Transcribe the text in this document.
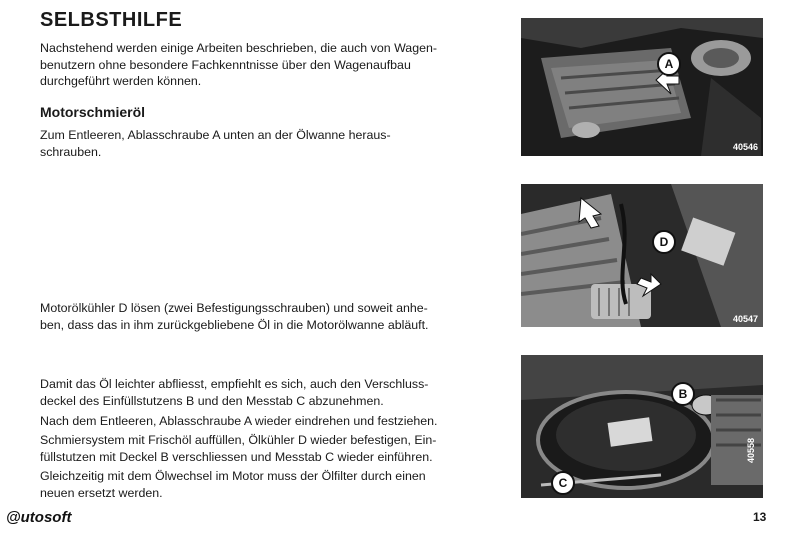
SELBSTHILFE
Nachstehend werden einige Arbeiten beschrieben, die auch von Wagen-
benutzern ohne besondere Fachkenntnisse über den Wagenaufbau
durchgeführt werden können.
Motorschmieröl
Zum Entleeren, Ablasschraube A unten an der Ölwanne heraus-
schrauben.
Motorölkühler D lösen (zwei Befestigungsschrauben) und soweit anhe-
ben, dass das in ihm zurückgebliebene Öl in die Motorölwanne abläuft.
Damit das Öl leichter abfliesst, empfiehlt es sich, auch den Verschluss-
deckel des Einfüllstutzens B und den Messtab C abzunehmen.
Nach dem Entleeren, Ablasschraube A wieder eindrehen und festziehen.
Schmiersystem mit Frischöl auffüllen, Ölkühler D wieder befestigen, Ein-
füllstutzen mit Deckel B verschliessen und Messtab C wieder einführen.
Gleichzeitig mit dem Ölwechsel im Motor muss der Ölfilter durch einen
neuen ersetzt werden.
A
40546
D
40547
B
C
40558
@utosoft	13
